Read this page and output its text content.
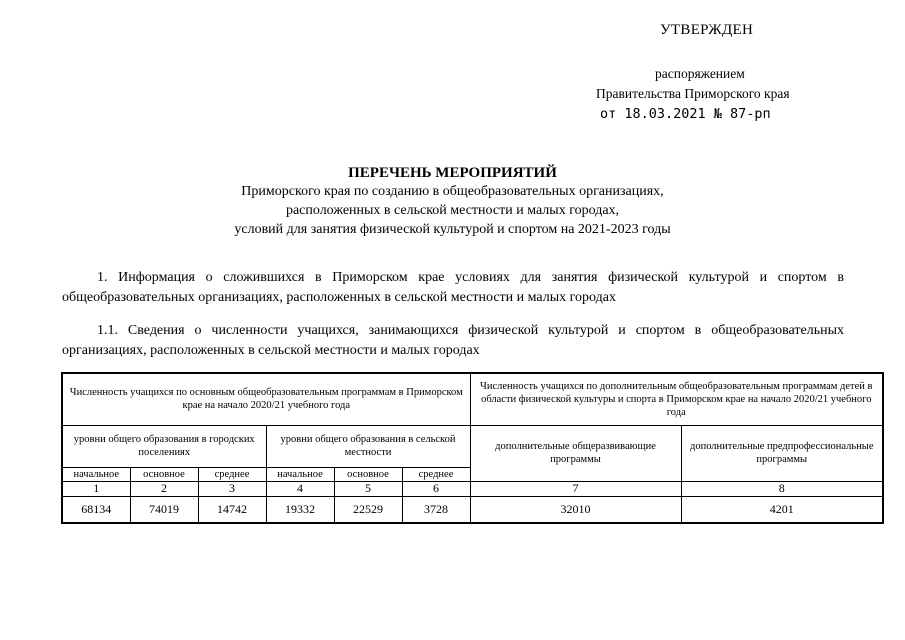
УТВЕРЖДЕН
распоряжением
Правительства Приморского края
от 18.03.2021 № 87-рп
ПЕРЕЧЕНЬ МЕРОПРИЯТИЙ
Приморского края по созданию в общеобразовательных организациях,
расположенных в сельской местности и малых городах,
условий для занятия физической культурой и спортом на 2021-2023 годы
1. Информация о сложившихся в Приморском крае условиях для занятия физической культурой и спортом в общеобразовательных организациях, расположенных в сельской местности и малых городах
1.1. Сведения о численности учащихся, занимающихся физической культурой и спортом в общеобразовательных организациях, расположенных в сельской местности и малых городах
Численность учащихся по основным общеобразовательным программам в Приморском крае на начало 2020/21 учебного года						Численность учащихся по дополнительным общеобразовательным программам детей в области физической культуры и спорта в Приморском крае на начало 2020/21 учебного года	
уровни общего образования в городских поселениях			уровни общего образования в сельской местности			дополнительные общеразвивающие программы	дополнительные предпрофессиональные программы
начальное	основное	среднее	начальное	основное	среднее		
1	2	3	4	5	6	7	8
68134	74019	14742	19332	22529	3728	32010	4201
